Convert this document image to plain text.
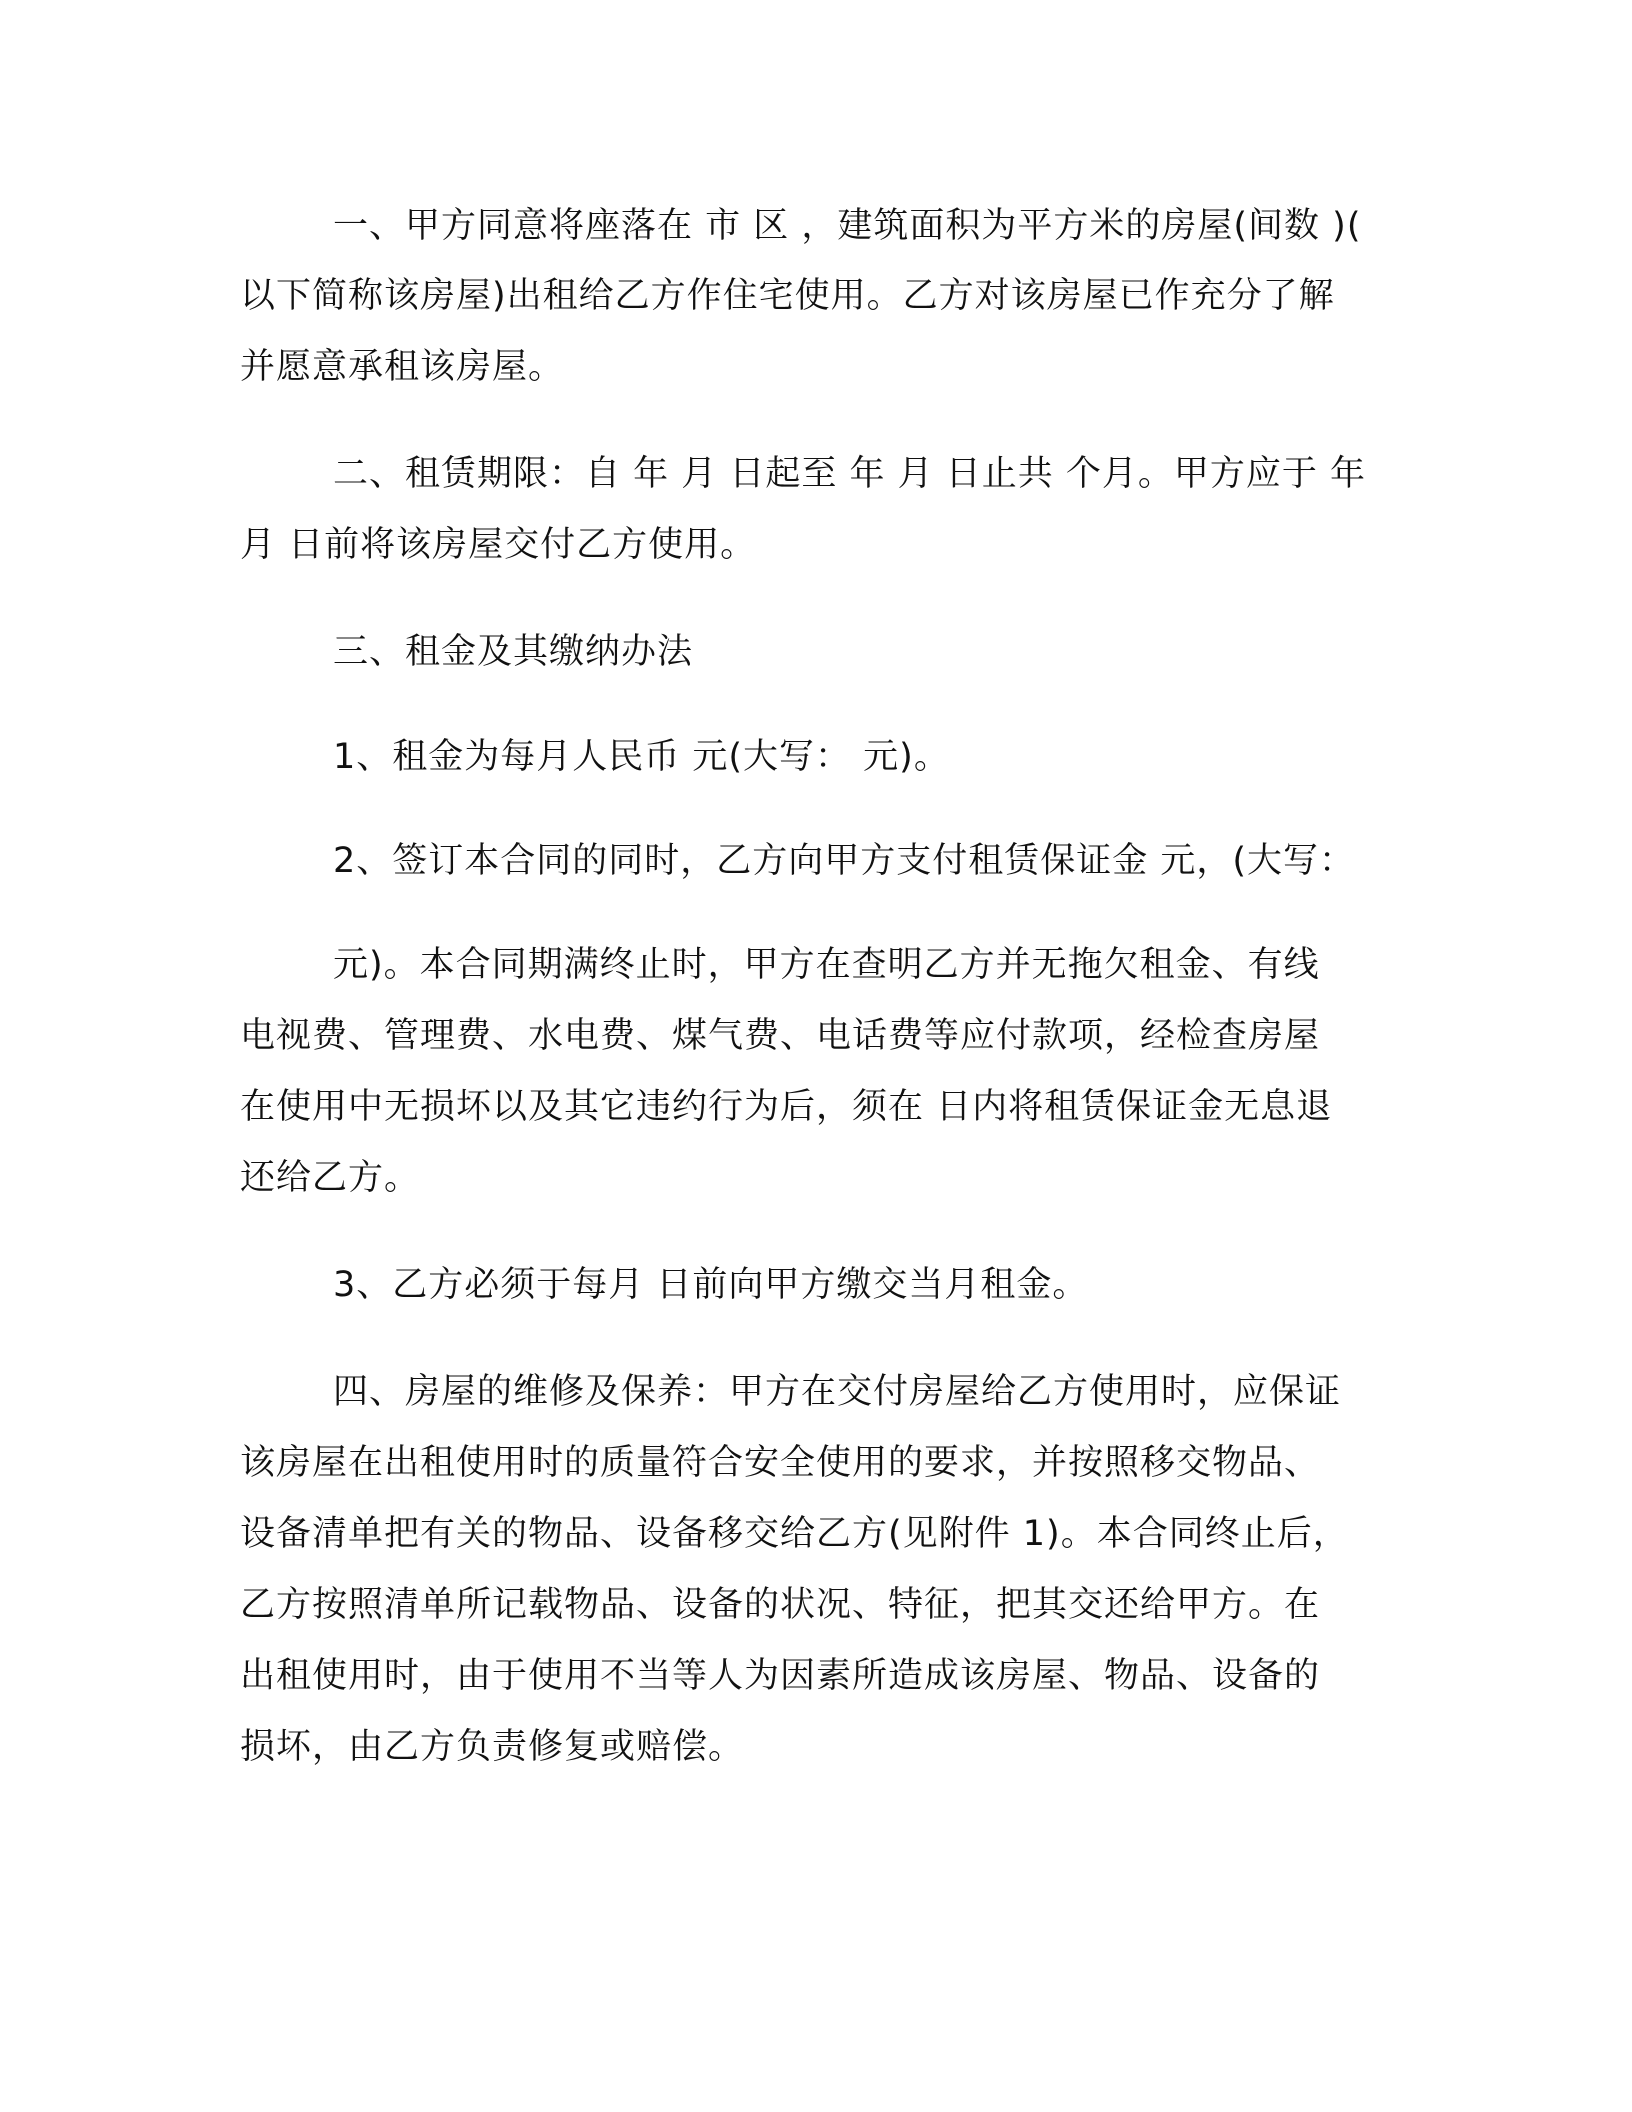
一、甲方同意将座落在 市 区 ，建筑面积为平方米的房屋(间数 )(
以下简称该房屋)出租给乙方作住宅使用。乙方对该房屋已作充分了解
并愿意承租该房屋。
二、租赁期限：自 年 月 日起至 年 月 日止共 个月。甲方应于 年
月 日前将该房屋交付乙方使用。
三、租金及其缴纳办法
1、租金为每月人民币 元(大写： 元)。
2、签订本合同的同时，乙方向甲方支付租赁保证金 元，(大写：
元)。本合同期满终止时，甲方在查明乙方并无拖欠租金、有线
电视费、管理费、水电费、煤气费、电话费等应付款项，经检查房屋
在使用中无损坏以及其它违约行为后，须在 日内将租赁保证金无息退
还给乙方。
3、乙方必须于每月 日前向甲方缴交当月租金。
四、房屋的维修及保养：甲方在交付房屋给乙方使用时，应保证
该房屋在出租使用时的质量符合安全使用的要求，并按照移交物品、
设备清单把有关的物品、设备移交给乙方(见附件 1)。本合同终止后，
乙方按照清单所记载物品、设备的状况、特征，把其交还给甲方。在
出租使用时，由于使用不当等人为因素所造成该房屋、物品、设备的
损坏，由乙方负责修复或赔偿。
